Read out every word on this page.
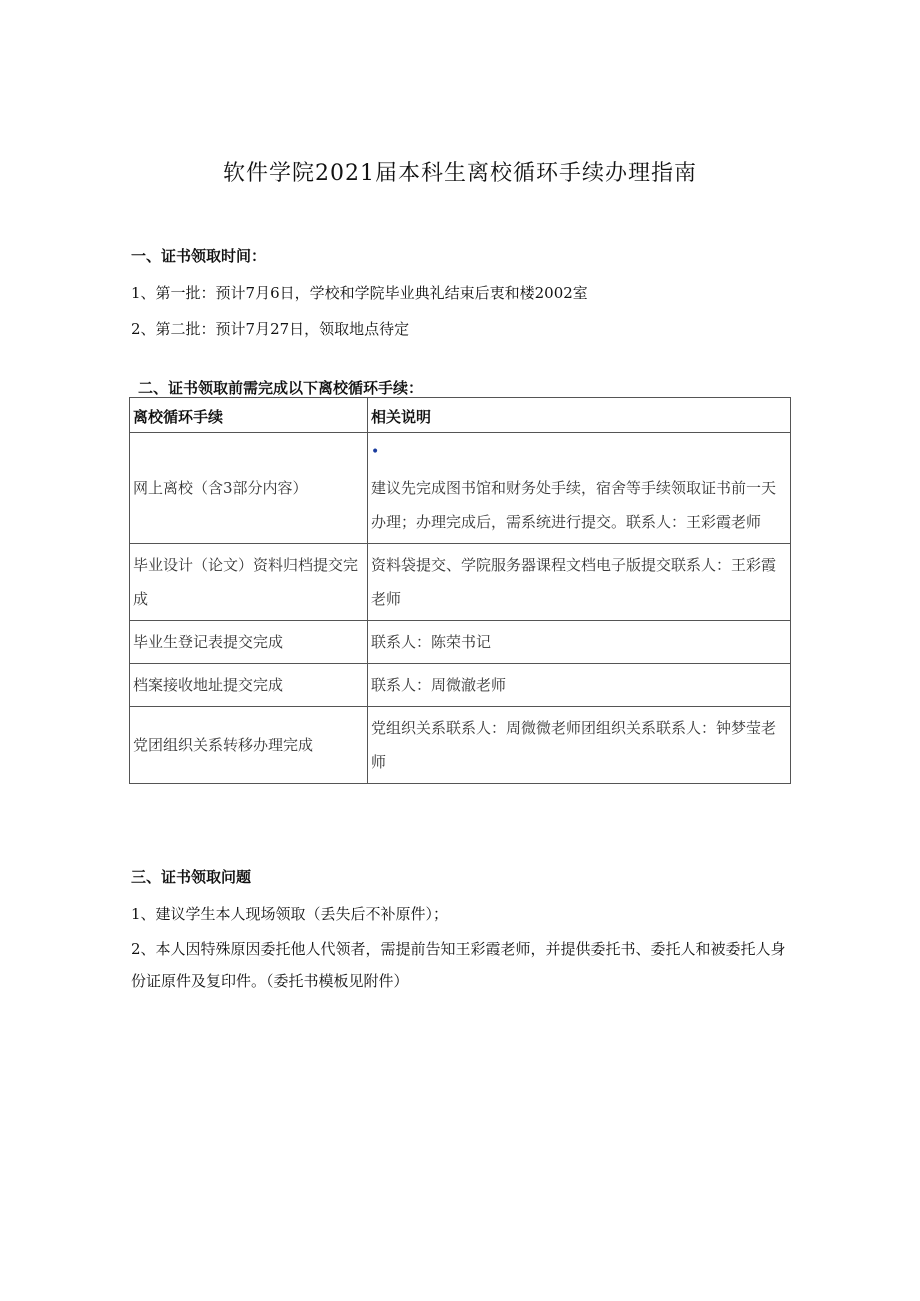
软件学院2021届本科生离校循环手续办理指南
一、证书领取时间：
1、第一批：预计7月6日，学校和学院毕业典礼结束后衷和楼2002室
2、第二批：预计7月27日，领取地点待定
二、证书领取前需完成以下离校循环手续：
离校循环手续	相关说明
网上离校（含3部分内容）	•
建议先完成图书馆和财务处手续，宿舍等手续领取证书前一天办理；办理完成后，需系统进行提交。联系人：王彩霞老师
毕业设计（论文）资料归档提交完成	资料袋提交、学院服务器课程文档电子版提交联系人：王彩霞老师
毕业生登记表提交完成	联系人：陈荣书记
档案接收地址提交完成	联系人：周微澈老师
党团组织关系转移办理完成	党组织关系联系人：周微微老师团组织关系联系人：钟梦莹老师
三、证书领取问题
1、建议学生本人现场领取（丢失后不补原件）；
2、本人因特殊原因委托他人代领者，需提前告知王彩霞老师，并提供委托书、委托人和被委托人身份证原件及复印件。（委托书模板见附件）
